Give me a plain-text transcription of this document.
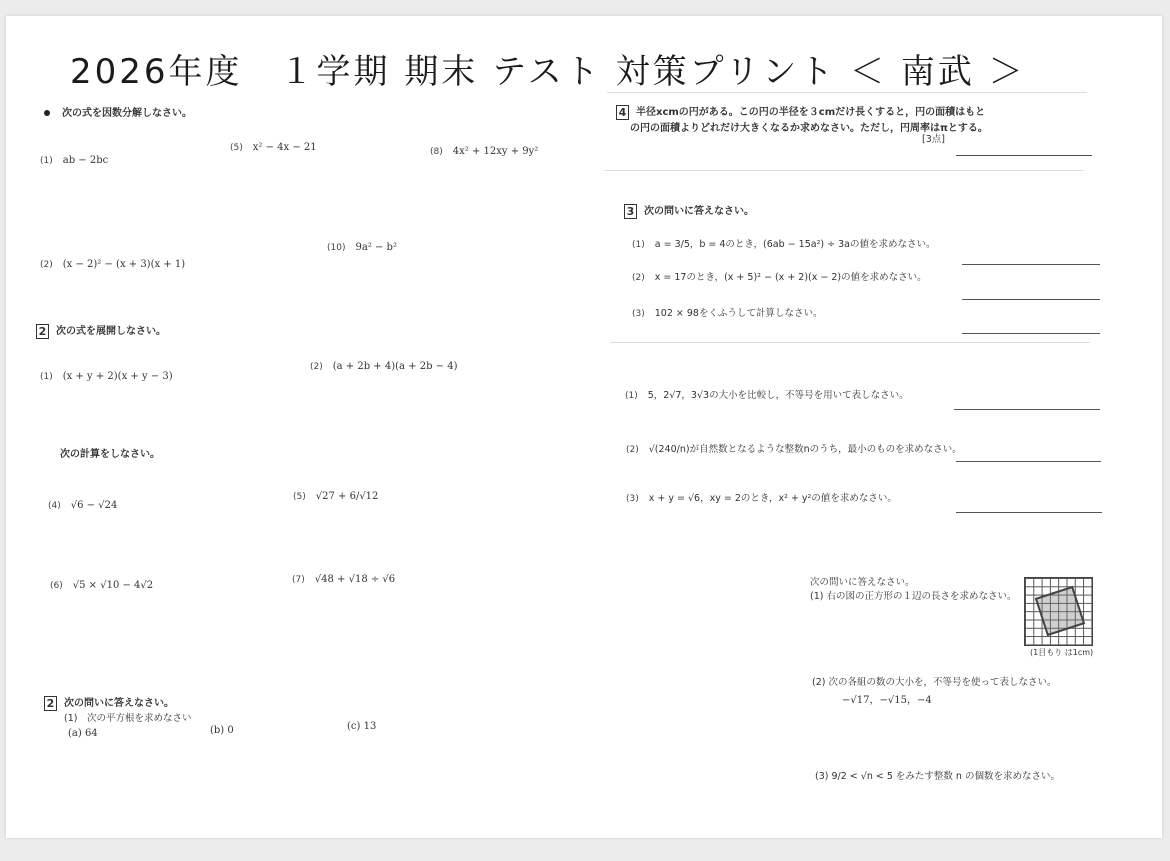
2026年度　１学期 期末 テスト 対策プリント ＜ 南武 ＞
次の式を因数分解しなさい。
(1) ab − 2bc
(5) x² − 4x − 21	(8) 4x² + 12xy + 9y²
(2) (x − 2)² − (x + 3)(x + 1)
(10) 9a² − b²
2 次の式を展開しなさい。
(1) (x + y + 2)(x + y − 3)
(2) (a + 2b + 4)(a + 2b − 4)
次の計算をしなさい。
(4) √6 − √24
(5) √27 + 6/√12
(6) √5 × √10 − 4√2	(7) √48 + √18 ÷ √6
2 次の問いに答えなさい。
(1)　次の平方根を求めなさい
(a) 64	(b) 0	(c) 13
4 半径xcmの円がある。この円の半径を３cmだけ長くすると，円の面積はもと
の円の面積よりどれだけ大きくなるか求めなさい。ただし，円周率はπとする。
[3点]
3 次の問いに答えなさい。
(1) a = 3/5，b = 4のとき，(6ab − 15a²) ÷ 3aの値を求めなさい。
(2) x = 17のとき，(x + 5)² − (x + 2)(x − 2)の値を求めなさい。
(3) 102 × 98をくふうして計算しなさい。
(1) 5，2√7，3√3の大小を比較し，不等号を用いて表しなさい。
(2) √(240/n)が自然数となるような整数nのうち，最小のものを求めなさい。
(3) x + y = √6，xy = 2のとき，x² + y²の値を求めなさい。
次の問いに答えなさい。
(1) 右の図の正方形の１辺の長さを求めなさい。
(1目もり は1cm)
(2) 次の各組の数の大小を，不等号を使って表しなさい。
−√17，−√15，−4
(3) 9/2 < √n < 5 をみたす整数 n の個数を求めなさい。
